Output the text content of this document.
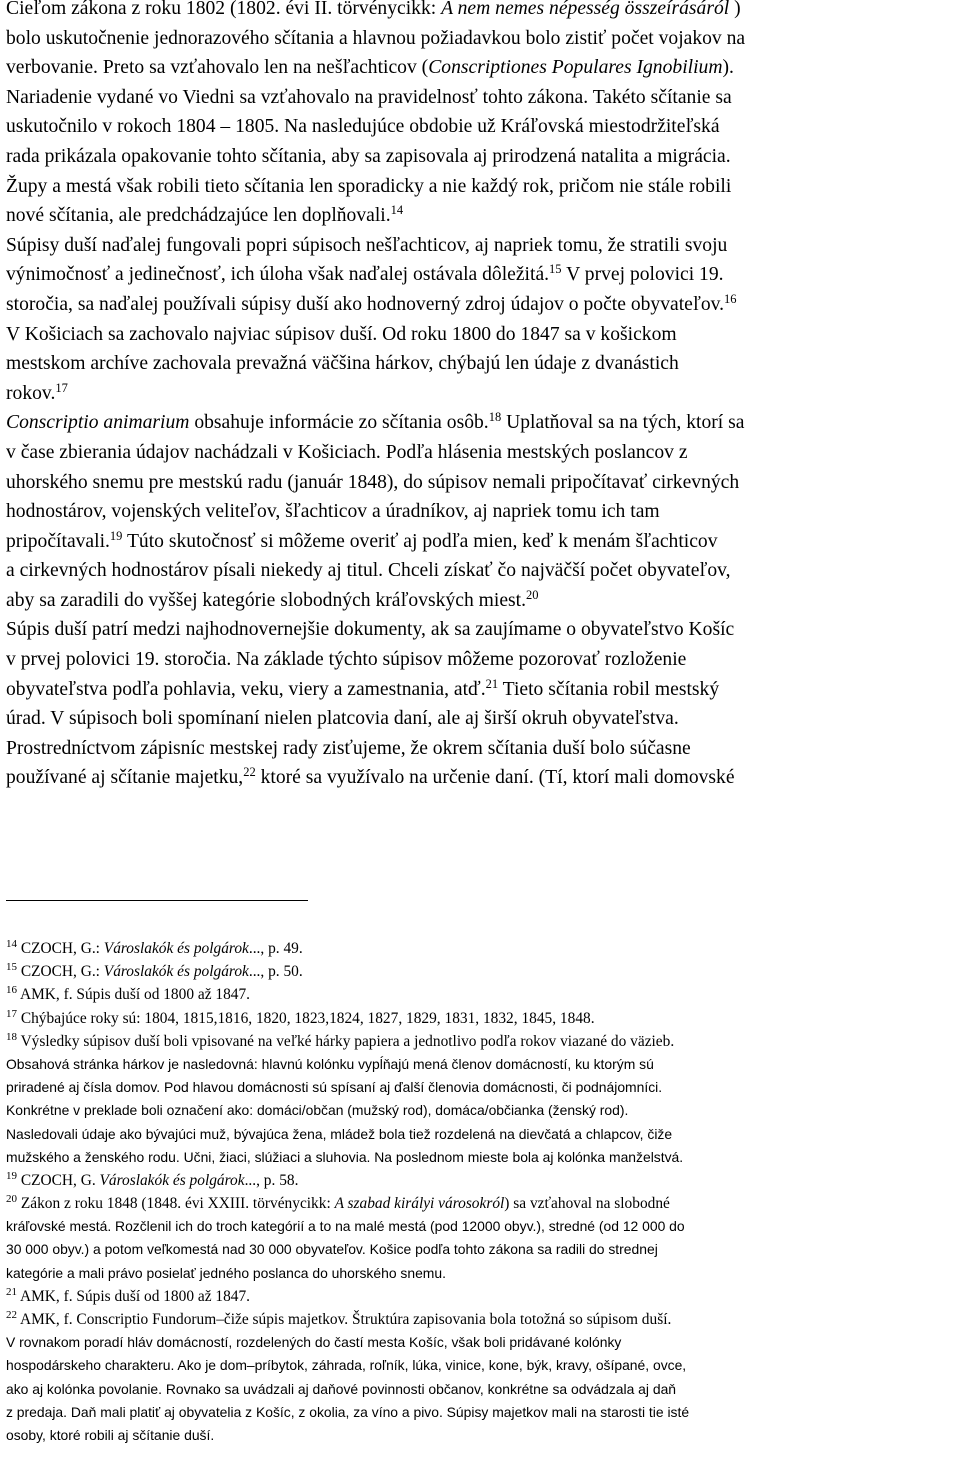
Cieľom zákona z roku 1802 (1802. évi II. törvénycikk: A nem nemes népesség összeírásáról )
bolo uskutočnenie jednorazového sčítania a hlavnou požiadavkou bolo zistiť počet vojakov na
verbovanie. Preto sa vzťahovalo len na nešľachticov (Conscriptiones Populares Ignobilium).
Nariadenie vydané vo Viedni sa vzťahovalo na pravidelnosť tohto zákona. Takéto sčítanie sa
uskutočnilo v rokoch 1804 – 1805. Na nasledujúce obdobie už Kráľovská miestodržiteľská
rada prikázala opakovanie tohto sčítania, aby sa zapisovala aj prirodzená natalita a migrácia.
Župy a mestá však robili tieto sčítania len sporadicky a nie každý rok, pričom nie stále robili
nové sčítania, ale predchádzajúce len doplňovali.$^{14}$
Súpisy duší naďalej fungovali popri súpisoch nešľachticov, aj napriek tomu, že stratili svoju
výnimočnosť a jedinečnosť, ich úloha však naďalej ostávala dôležitá.$^{15}$ V prvej polovici 19.
storočia, sa naďalej používali súpisy duší ako hodnoverný zdroj údajov o počte obyvateľov.$^{16}$
V Košiciach sa zachovalo najviac súpisov duší. Od roku 1800 do 1847 sa v košickom
mestskom archíve zachovala prevažná väčšina hárkov, chýbajú len údaje z dvanástich
rokov.$^{17}$
Conscriptio animarium obsahuje informácie zo sčítania osôb.$^{18}$ Uplatňoval sa na tých, ktorí sa
v čase zbierania údajov nachádzali v Košiciach. Podľa hlásenia mestských poslancov z
uhorského snemu pre mestskú radu (január 1848), do súpisov nemali pripočítavať cirkevných
hodnostárov, vojenských veliteľov, šľachticov a úradníkov, aj napriek tomu ich tam
pripočítavali.$^{19}$ Túto skutočnosť si môžeme overiť aj podľa mien, keď k menám šľachticov
a cirkevných hodnostárov písali niekedy aj titul. Chceli získať čo najväčší počet obyvateľov,
aby sa zaradili do vyššej kategórie slobodných kráľovských miest.$^{20}$
Súpis duší patrí medzi najhodnovernejšie dokumenty, ak sa zaujímame o obyvateľstvo Košíc
v prvej polovici 19. storočia. Na základe týchto súpisov môžeme pozorovať rozloženie
obyvateľstva podľa pohlavia, veku, viery a zamestnania, atď.$^{21}$ Tieto sčítania robil mestský
úrad. V súpisoch boli spomínaní nielen platcovia daní, ale aj širší okruh obyvateľstva.
Prostredníctvom zápisníc mestskej rady zisťujeme, že okrem sčítania duší bolo súčasne
používané aj sčítanie majetku,$^{22}$ ktoré sa využívalo na určenie daní. (Tí, ktorí mali domovské
$^{14}$ CZOCH, G.: Városlakók és polgárok..., p. 49.
$^{15}$ CZOCH, G.: Városlakók és polgárok..., p. 50.
$^{16}$ AMK, f. Súpis duší od 1800 až 1847.
$^{17}$ Chýbajúce roky sú: 1804, 1815,1816, 1820, 1823,1824, 1827, 1829, 1831, 1832, 1845, 1848.
$^{18}$ Výsledky súpisov duší boli vpisované na veľké hárky papiera a jednotlivo podľa rokov viazané do väzieb.
Obsahová stránka hárkov je nasledovná: hlavnú kolónku vypĺňajú mená členov domácností, ku ktorým sú
priradené aj čísla domov. Pod hlavou domácnosti sú spísaní aj ďalší členovia domácnosti, či podnájomníci.
Konkrétne v preklade boli označení ako: domáci/občan (mužský rod), domáca/občianka (ženský rod).
Nasledovali údaje ako bývajúci muž, bývajúca žena, mládež bola tiež rozdelená na dievčatá a chlapcov, čiže
mužského a ženského rodu. Učni, žiaci, slúžiaci a sluhovia. Na poslednom mieste bola aj kolónka manželstvá.
$^{19}$ CZOCH, G. Városlakók és polgárok..., p. 58.
$^{20}$ Zákon z roku 1848 (1848. évi XXIII. törvénycikk: A szabad királyi városokról) sa vzťahoval na slobodné
kráľovské mestá. Rozčlenil ich do troch kategórií a to na malé mestá (pod 12000 obyv.), stredné (od 12 000 do
30 000 obyv.) a potom veľkomestá nad 30 000 obyvateľov. Košice podľa tohto zákona sa radili do strednej
kategórie a mali právo posielať jedného poslanca do uhorského snemu.
$^{21}$ AMK, f. Súpis duší od 1800 až 1847.
$^{22}$ AMK, f. Conscriptio Fundorum–čiže súpis majetkov. Štruktúra zapisovania bola totožná so súpisom duší.
V rovnakom poradí hláv domácností, rozdelených do častí mesta Košíc, však boli pridávané kolónky
hospodárskeho charakteru. Ako je dom–príbytok, záhrada, roľník, lúka, vinice, kone, býk, kravy, ošípané, ovce,
ako aj kolónka povolanie. Rovnako sa uvádzali aj daňové povinnosti občanov, konkrétne sa odvádzala aj daň
z predaja. Daň mali platiť aj obyvatelia z Košíc, z okolia, za víno a pivo. Súpisy majetkov mali na starosti tie isté
osoby, ktoré robili aj sčítanie duší.
